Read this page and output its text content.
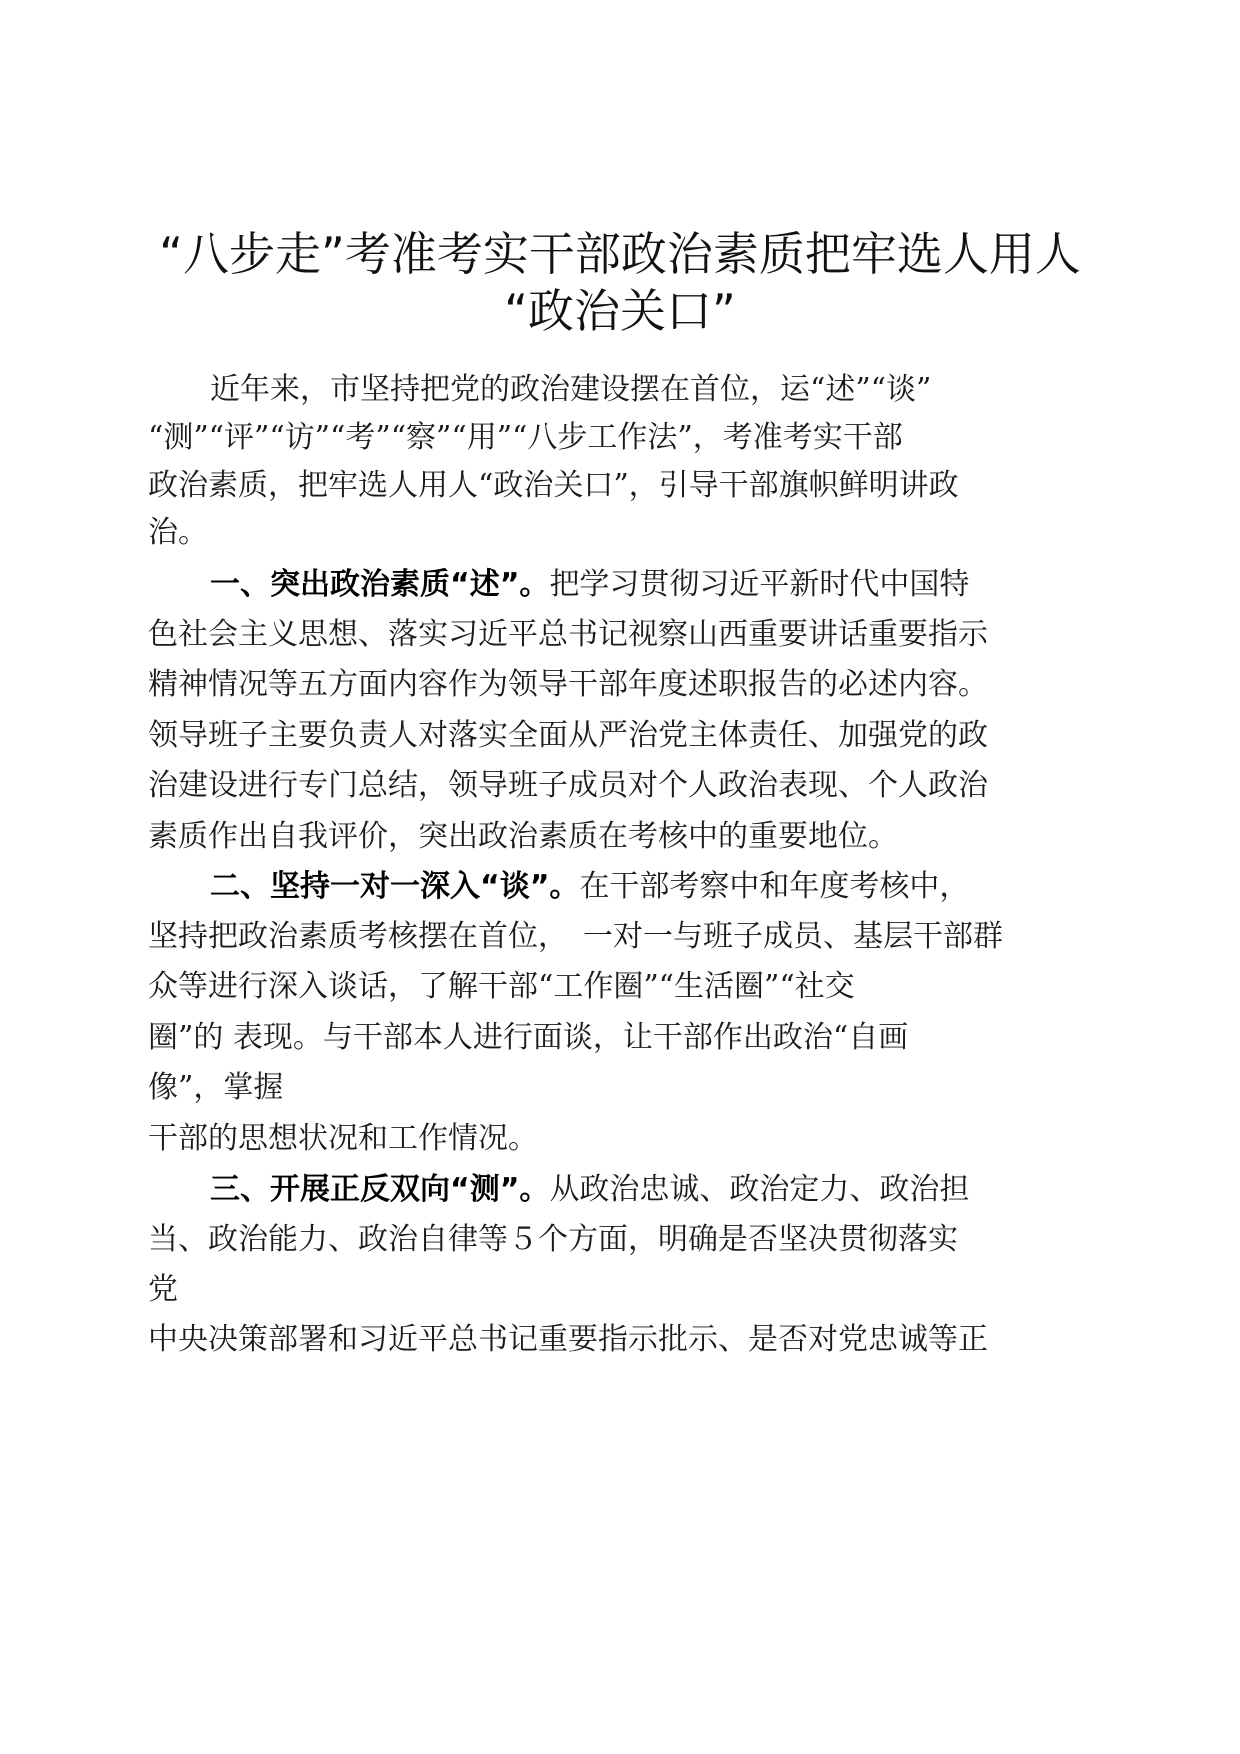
“八步走”考准考实干部政治素质把牢选人用人
“政治关口”
近年来，市坚持把党的政治建设摆在首位，运“述”“谈”
“测”“评”“访”“考”“察”“用”“八步工作法”，考准考实干部
政治素质，把牢选人用人“政治关口”，引导干部旗帜鲜明讲政
治。
一、突出政治素质“述”。把学习贯彻习近平新时代中国特
色社会主义思想、落实习近平总书记视察山西重要讲话重要指示
精神情况等五方面内容作为领导干部年度述职报告的必述内容。
领导班子主要负责人对落实全面从严治党主体责任、加强党的政
治建设进行专门总结，领导班子成员对个人政治表现、个人政治
素质作出自我评价，突出政治素质在考核中的重要地位。
二、坚持一对一深入“谈”。在干部考察中和年度考核中，
坚持把政治素质考核摆在首位，　一对一与班子成员、基层干部群
众等进行深入谈话，了解干部“工作圈”“生活圈”“社交
圈”的 表现。与干部本人进行面谈，让干部作出政治“自画
像”，掌握
干部的思想状况和工作情况。
三、开展正反双向“测”。从政治忠诚、政治定力、政治担
当、政治能力、政治自律等５个方面，明确是否坚决贯彻落实
党
中央决策部署和习近平总书记重要指示批示、是否对党忠诚等正
